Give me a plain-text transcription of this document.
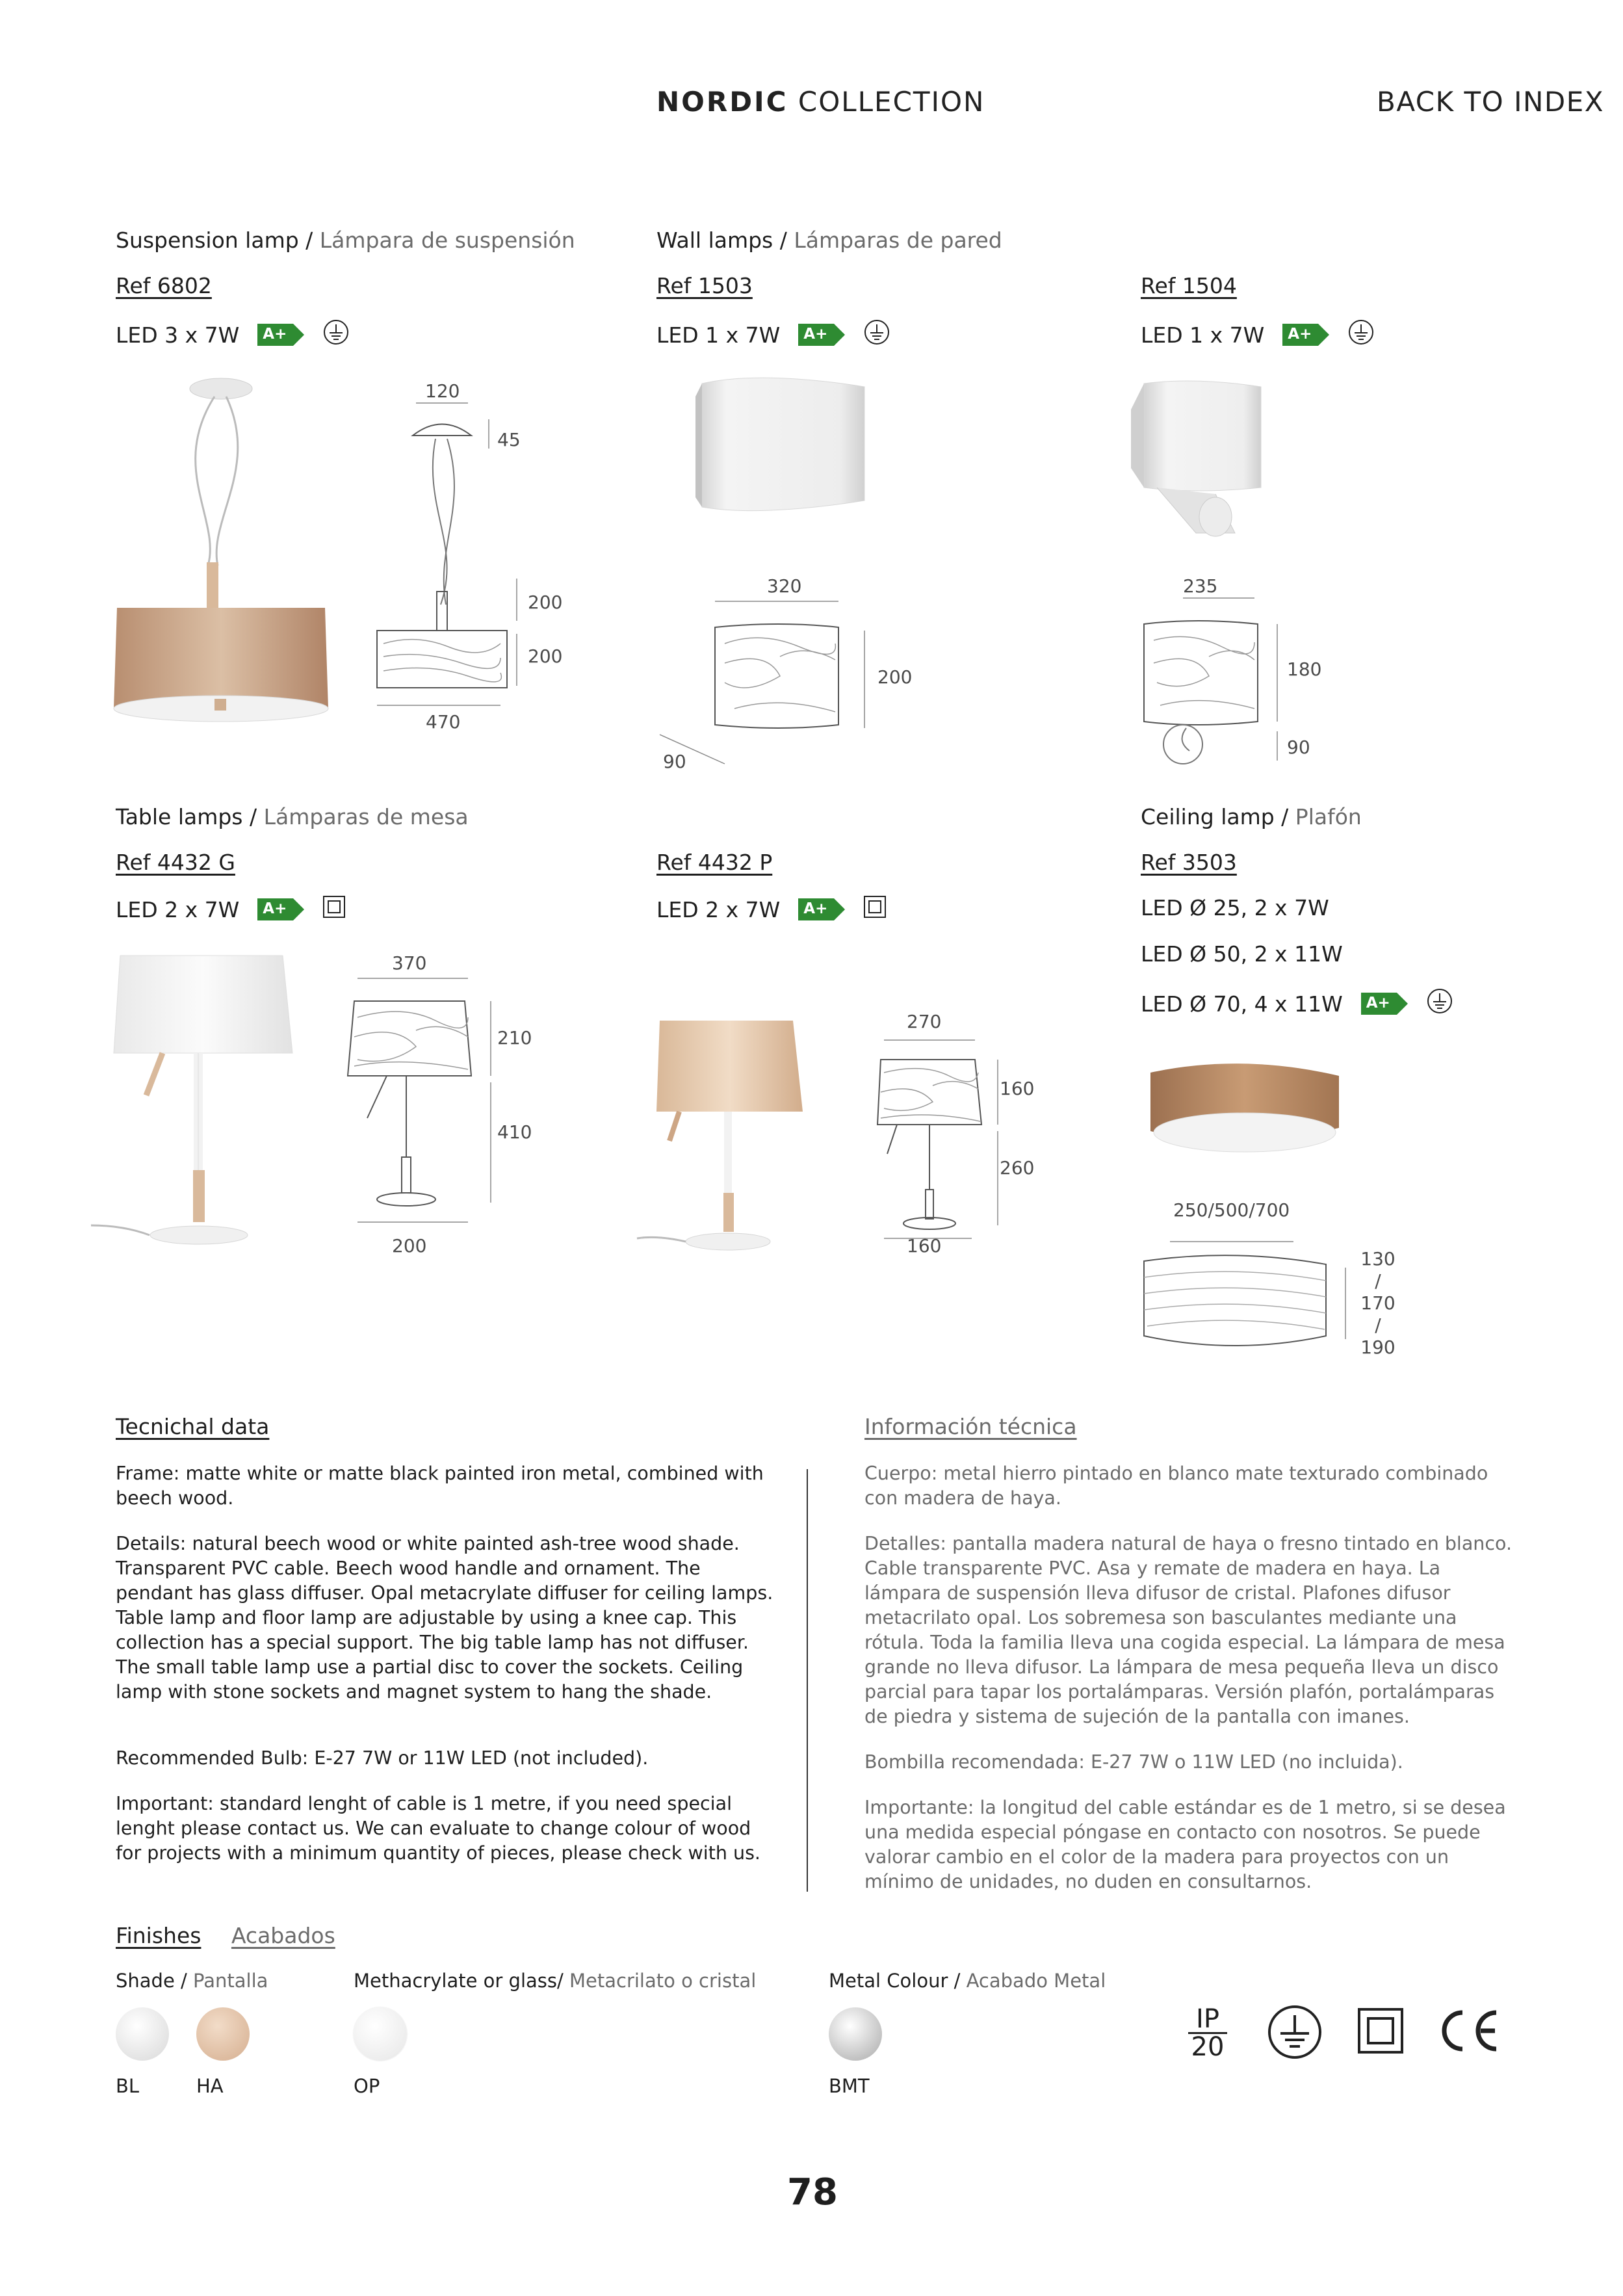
NORDIC COLLECTION	BACK TO INDEX
Suspension lamp / Lámpara de suspensión
Ref 6802
LED 3 x 7W A+
120
45
200
200
470
Wall lamps / Lámparas de pared
Ref 1503
LED 1 x 7W A+
Ref 1504
LED 1 x 7W A+
320
200
90
235
180
90
Table lamps / Lámparas de mesa
Ref 4432 G
LED 2 x 7W A+
Ref 4432 P
LED 2 x 7W A+
370
210
410
200
270
160
260
160
Ceiling lamp / Plafón
Ref 3503
LED Ø 25, 2 x 7W
LED Ø 50, 2 x 11W
LED Ø 70, 4 x 11W A+
250/500/700
130
/
170
/
190
Tecnichal data

Frame: matte white or matte black painted iron metal, combined with beech wood.

Details: natural beech wood or white painted ash-tree wood shade. Transparent PVC cable. Beech wood handle and ornament. The pendant has glass diffuser. Opal metacrylate diffuser for ceiling lamps. Table lamp and floor lamp are adjustable by using a knee cap. This collection has a special support. The big table lamp has not diffuser. The small table lamp use a partial disc to cover the sockets. Ceiling lamp with stone sockets and magnet system to hang the shade.

Recommended Bulb: E-27 7W or 11W LED (not included).

Important: standard lenght of cable is 1 metre, if you need special lenght please contact us. We can evaluate to change colour of wood for projects with a minimum quantity of pieces, please check with us.

Información técnica

Cuerpo: metal hierro pintado en blanco mate texturado combinado con madera de haya.

Detalles: pantalla madera natural de haya o fresno tintado en blanco. Cable transparente PVC. Asa y remate de madera en haya. La lámpara de suspensión lleva difusor de cristal. Plafones difusor metacrilato opal. Los sobremesa son basculantes mediante una rótula. Toda la familia lleva una cogida especial. La lámpara de mesa grande no lleva difusor. La lámpara de mesa pequeña lleva un disco parcial para tapar los portalámparas. Versión plafón, portalámparas de piedra y sistema de sujeción de la pantalla con imanes.

Bombilla recomendada: E-27 7W o 11W LED (no incluida).

Importante: la longitud del cable estándar es de 1 metro, si se desea una medida especial póngase en contacto con nosotros. Se puede valorar cambio en el color de la madera para proyectos con un mínimo de unidades, no duden en consultarnos.

Finishes Acabados
Shade / Pantalla	Methacrylate or glass/ Metacrilato o cristal	Metal Colour / Acabado Metal
BL	HA	OP	BMT
IP
20
78
